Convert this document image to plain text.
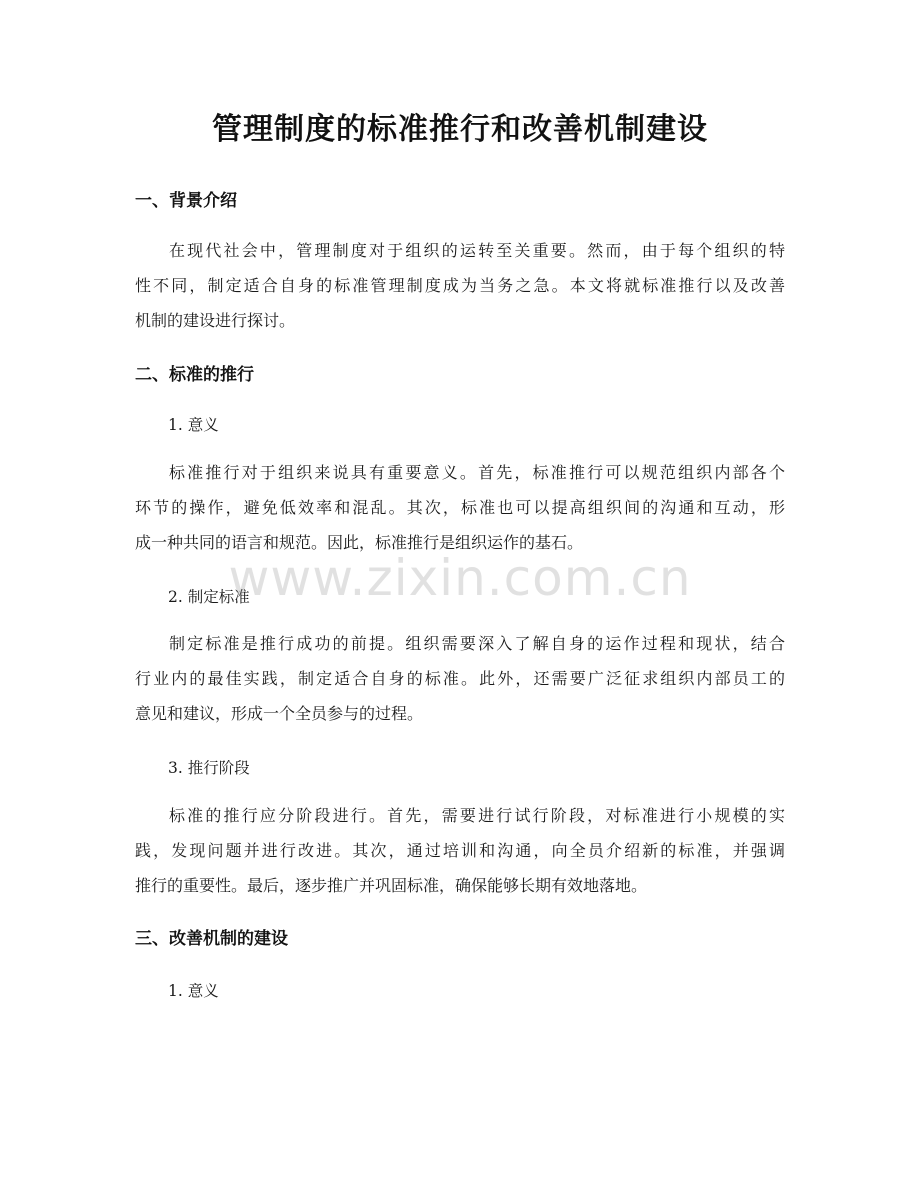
管理制度的标准推行和改善机制建设
一、背景介绍
在现代社会中，管理制度对于组织的运转至关重要。然而，由于每个组织的特
性不同，制定适合自身的标准管理制度成为当务之急。本文将就标准推行以及改善
机制的建设进行探讨。
二、标准的推行
1. 意义
标准推行对于组织来说具有重要意义。首先，标准推行可以规范组织内部各个
环节的操作，避免低效率和混乱。其次，标准也可以提高组织间的沟通和互动，形
成一种共同的语言和规范。因此，标准推行是组织运作的基石。
2. 制定标准
制定标准是推行成功的前提。组织需要深入了解自身的运作过程和现状，结合
行业内的最佳实践，制定适合自身的标准。此外，还需要广泛征求组织内部员工的
意见和建议，形成一个全员参与的过程。
3. 推行阶段
标准的推行应分阶段进行。首先，需要进行试行阶段，对标准进行小规模的实
践，发现问题并进行改进。其次，通过培训和沟通，向全员介绍新的标准，并强调
推行的重要性。最后，逐步推广并巩固标准，确保能够长期有效地落地。
三、改善机制的建设
1. 意义
www.zixin.com.cn
